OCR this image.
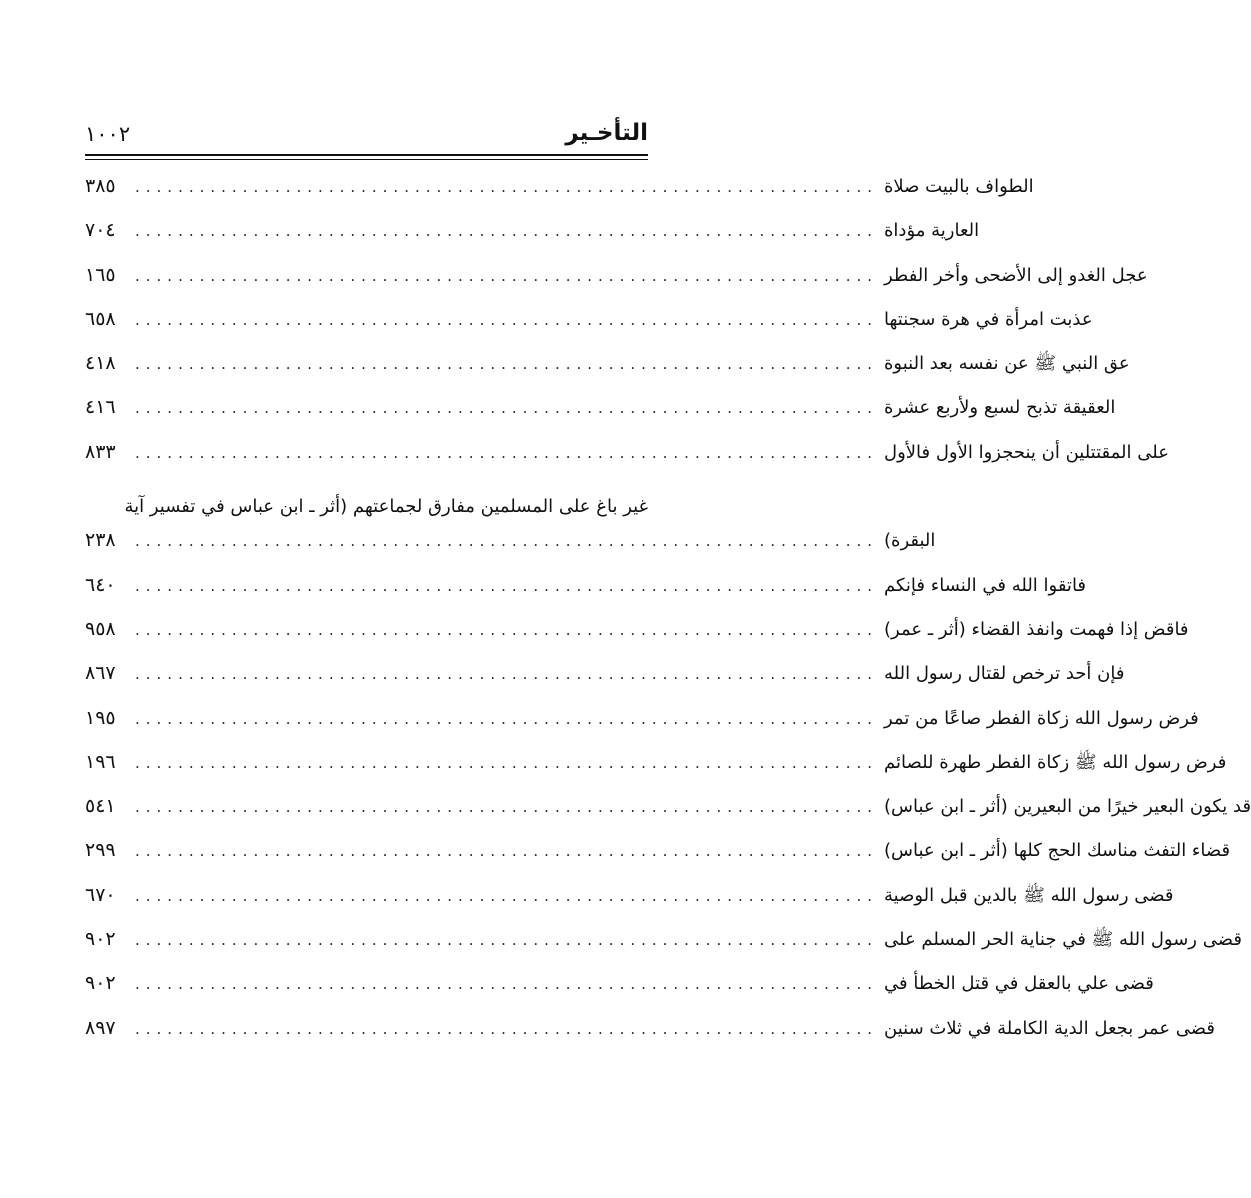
١٠٠٢	التأخـير
٣٨٥	..................................................................... الطواف بالبيت صلاة
٧٠٤	..................................................................... العارية مؤداة
١٦٥	..................................................................... عجل الغدو إلى الأضحى وأخر الفطر
٦٥٨	..................................................................... عذبت امرأة في هرة سجنتها
٤١٨	..................................................................... عق النبي ﷺ عن نفسه بعد النبوة
٤١٦	..................................................................... العقيقة تذبح لسبع ولأربع عشرة
٨٣٣	..................................................................... على المقتتلين أن ينحجزوا الأول فالأول
غير باغ على المسلمين مفارق لجماعتهم (أثر ـ ابن عباس في تفسير آية
٢٣٨	..................................................................... البقرة)
٦٤٠	..................................................................... فاتقوا الله في النساء فإنكم
٩٥٨	..................................................................... فاقض إذا فهمت وانفذ القضاء (أثر ـ عمر)
٨٦٧	..................................................................... فإن أحد ترخص لقتال رسول الله
١٩٥	..................................................................... فرض رسول الله زكاة الفطر صاعًا من تمر
١٩٦	..................................................................... فرض رسول الله ﷺ زكاة الفطر طهرة للصائم
٥٤١	..................................................................... قد يكون البعير خيرًا من البعيرين (أثر ـ ابن عباس)
٢٩٩	..................................................................... قضاء التفث مناسك الحج كلها (أثر ـ ابن عباس)
٦٧٠	..................................................................... قضى رسول الله ﷺ بالدين قبل الوصية
٩٠٢	..................................................................... قضى رسول الله ﷺ في جناية الحر المسلم على
٩٠٢	..................................................................... قضى علي بالعقل في قتل الخطأ في
٨٩٧	..................................................................... قضى عمر بجعل الدية الكاملة في ثلاث سنين
